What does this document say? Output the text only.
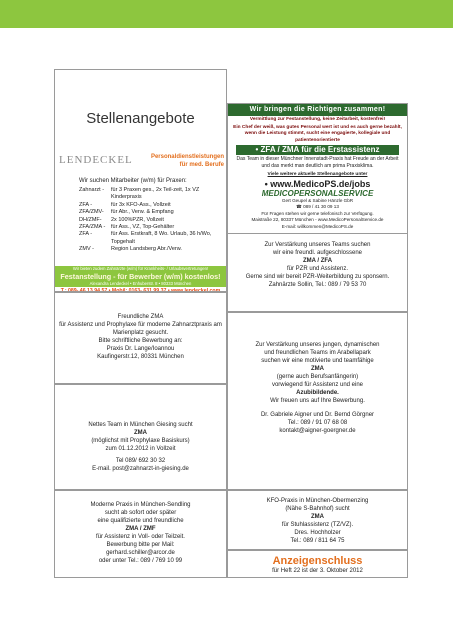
Stellenangebote
LENDECKEL	Personaldienstleistungen für med. Berufe
Wir suchen Mitarbeiter (w/m) für Praxen:
Zahnarzt -	für 3 Praxen ges., 2x Teil-zeit, 1x VZ Kinderpraxis
ZFA -	für 3x KFO-Ass., Vollzeit
ZFA/ZMV-	für Abr., Verw. & Empfang
DH/ZMF-	2x 100%PZR, Vollzeit
ZFA/ZMA -	für Ass., VZ, Top-Gehälter
ZFA -	für Ass. Erstkraft, 8 Wo. Urlaub, 36 h/Wo, Topgehalt
ZMV -	Region Landsberg Abr./Verw.
Wir bieten zudem Zahnärzte (w/m) für Krankheits- / Urlaubsvertretungen!
Festanstellung - für Bewerber (w/m) kostenlos!
Alexandra Lendeckel • Enhuberstr. 8 • 80333 München
T.: 089- 46 13 94 57 • Mobil: 0163- 631 99 37 • www.lendeckel.com
Wir bringen die Richtigen zusammen!
Vermittlung zur Festanstellung, keine Zeitarbeit, kostenfrei!
Ein Chef der weiß, was gutes Personal wert ist und es auch gerne bezahlt, wenn die Leistung stimmt, sucht eine engagierte, kollegiale und patientenorientierte
• ZFA / ZMA für die Erstassistenz
Das Team in dieser Münchner Innenstadt-Praxis hat Freude an der Arbeit und das merkt man deutlich am prima Praxisklima.
Viele weitere aktuelle Stellenangebote unter
• www.MedicoPS.de/jobs
MEDICOPERSONALSERVICE
Gert Geupel & Sabine Hänzle GbR
☎ 089 / 41 30 09 13
Für Fragen stehen wir gerne telefonisch zur Verfügung.
Maistraße 22, 80337 München - www.MedicoPersonalService.de
E-mail: willkommen@MedicoPS.de
Freundliche ZMA
für Assistenz und Prophylaxe für moderne Zahnarztpraxis am Marienplatz gesucht.
Bitte schriftliche Bewerbung an:
Praxis Dr. Lange/Ioannou
Kaufingerstr.12, 80331 München
Zur Verstärkung unseres Teams suchen
wir eine freundl. aufgeschlossene
ZMA / ZFA
für PZR und Assistenz.
Gerne sind wir bereit PZR-Weiterbildung zu sponsern.
Zahnärzte Sollin, Tel.: 089 / 79 53 70
Nettes Team in München Giesing sucht
ZMA
(möglichst mit Prophylaxe Basiskurs)
zum 01.12.2012 in Vollzeit
Tel 089/ 692 30 32
E-mail. post@zahnarzt-in-giesing.de
Zur Verstärkung unseres jungen, dynamischen
und freundlichen Teams im Arabellapark
suchen wir eine motivierte und teamfähige
ZMA
(gerne auch Berufsanfängerin)
vorwiegend für Assistenz und eine
Azubibildende.
Wir freuen uns auf Ihre Bewerbung.
Dr. Gabriele Aigner und Dr. Bernd Görgner
Tel.: 089 / 91 07 68 08
kontakt@aigner-goergner.de
Moderne Praxis in München-Sendling
sucht ab sofort oder später
eine qualifizierte und freundliche
ZMA / ZMF
für Assistenz in Voll- oder Teilzeit.
Bewerbung bitte per Mail:
gerhard.schiller@arcor.de
oder unter Tel.: 089 / 769 10 99
KFO-Praxis in München-Obermenzing
(Nähe S-Bahnhof) sucht
ZMA
für Stuhlassistenz (TZ/VZ).
Dres. Hochholzer
Tel.: 089 / 811 64 75
Anzeigenschluss
für Heft 22 ist der 3. Oktober 2012
